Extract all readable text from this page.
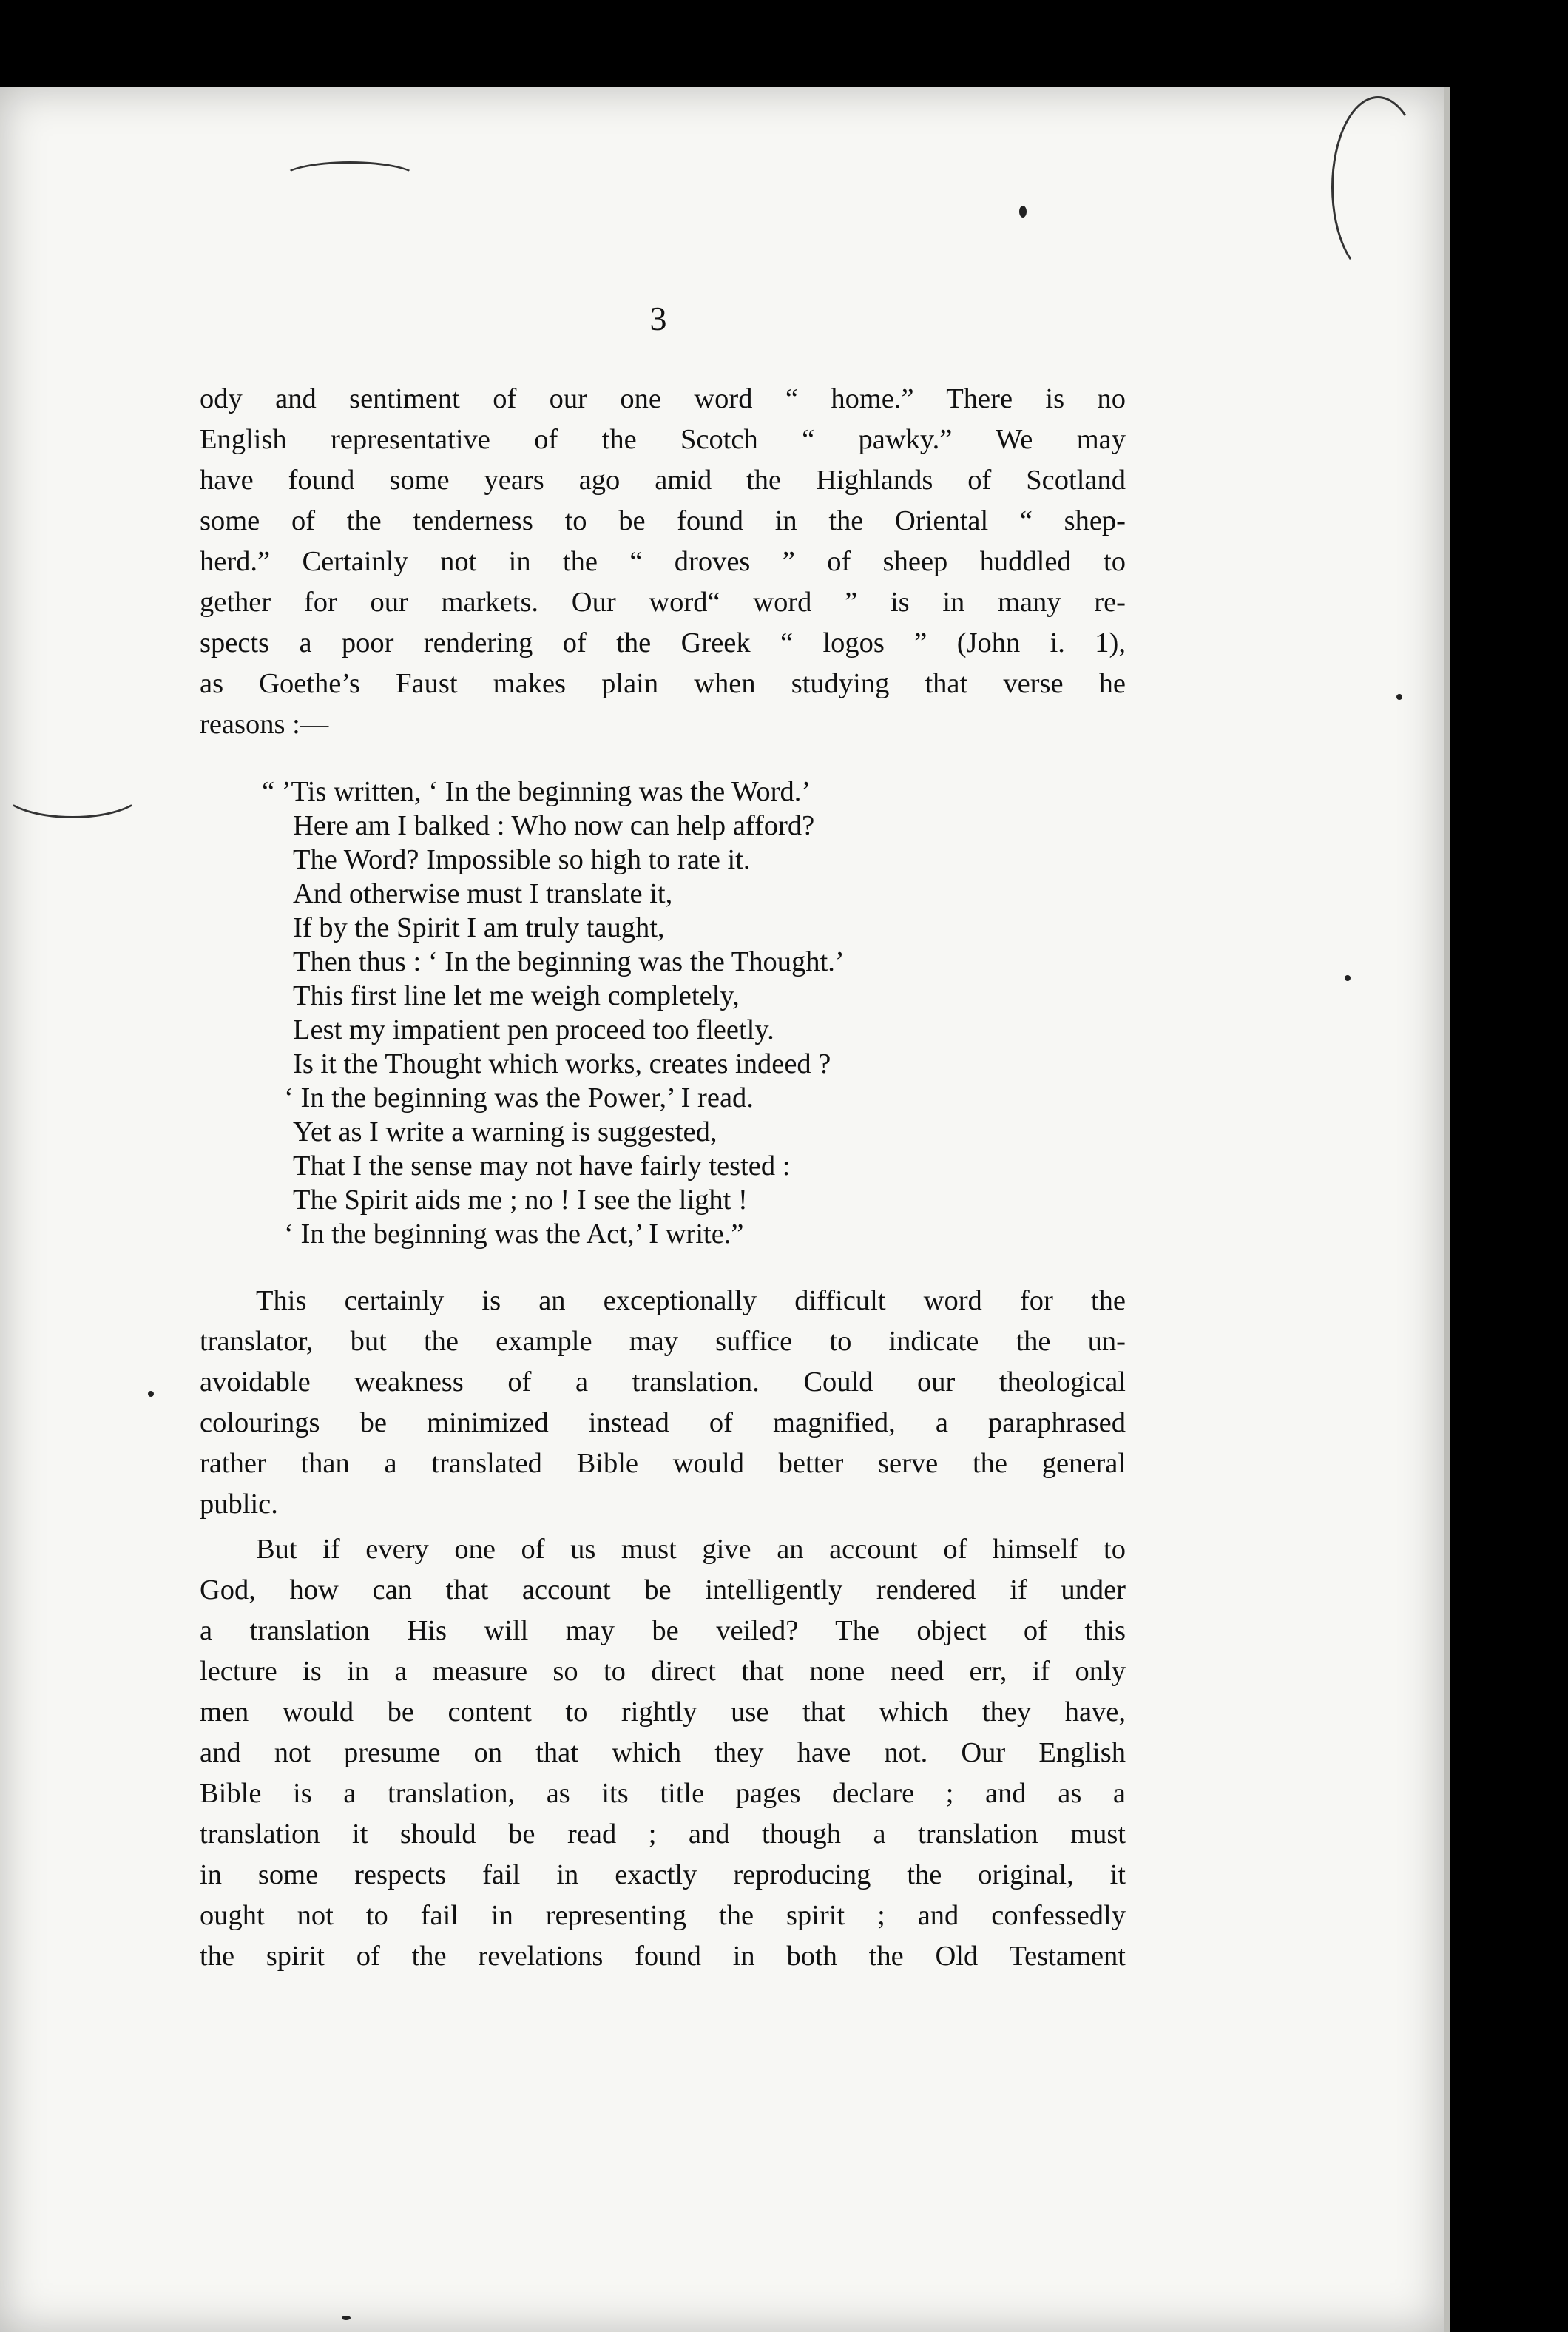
3
ody and sentiment of our one word “ home.” There is no
English representative of the Scotch “ pawky.” We may
have found some years ago amid the Highlands of Scotland
some of the tenderness to be found in the Oriental “ shep-
herd.” Certainly not in the “ droves ” of sheep huddled to
gether for our markets. Our word“ word ” is in many re-
spects a poor rendering of the Greek “ logos ” (John i. 1),
as Goethe’s Faust makes plain when studying that verse he
reasons :—
“ ’Tis written, ‘ In the beginning was the Word.’
Here am I balked : Who now can help afford?
The Word? Impossible so high to rate it.
And otherwise must I translate it,
If by the Spirit I am truly taught,
Then thus : ‘ In the beginning was the Thought.’
This first line let me weigh completely,
Lest my impatient pen proceed too fleetly.
Is it the Thought which works, creates indeed ?
‘ In the beginning was the Power,’ I read.
Yet as I write a warning is suggested,
That I the sense may not have fairly tested :
The Spirit aids me ; no ! I see the light !
‘ In the beginning was the Act,’ I write.”
This certainly is an exceptionally difficult word for the
translator, but the example may suffice to indicate the un-
avoidable weakness of a translation. Could our theological
colourings be minimized instead of magnified, a paraphrased
rather than a translated Bible would better serve the general
public.
But if every one of us must give an account of himself to
God, how can that account be intelligently rendered if under
a translation His will may be veiled? The object of this
lecture is in a measure so to direct that none need err, if only
men would be content to rightly use that which they have,
and not presume on that which they have not. Our English
Bible is a translation, as its title pages declare ; and as a
translation it should be read ; and though a translation must
in some respects fail in exactly reproducing the original, it
ought not to fail in representing the spirit ; and confessedly
the spirit of the revelations found in both the Old Testament
